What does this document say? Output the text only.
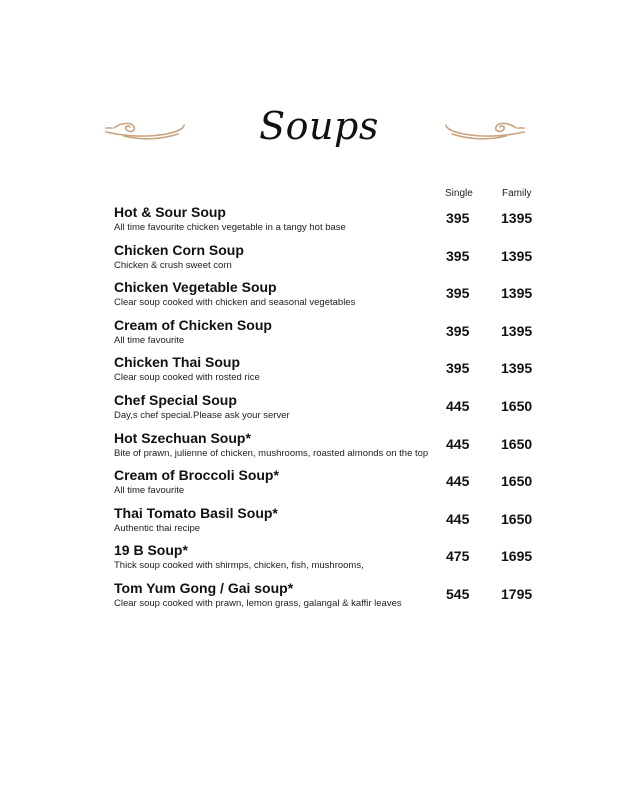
Soups
Single	Family
Hot & Sour Soup
All time favourite chicken vegetable in a tangy hot base
395 1395
Chicken Corn Soup
Chicken & crush sweet corn
395 1395
Chicken Vegetable Soup
Clear soup cooked with chicken and seasonal vegetables
395 1395
Cream of Chicken Soup
All time favourite
395 1395
Chicken Thai Soup
Clear soup cooked with rosted rice
395 1395
Chef Special Soup
Day,s chef special.Please ask your server
445 1650
Hot Szechuan Soup*
Bite of prawn, julienne of chicken, mushrooms, roasted almonds on the top
445 1650
Cream of Broccoli Soup*
All time favourite
445 1650
Thai Tomato Basil Soup*
Authentic thai recipe
445 1650
19 B Soup*
Thick soup cooked with shirmps, chicken, fish, mushrooms,
475 1695
Tom Yum Gong / Gai soup*
Clear soup cooked with prawn, lemon grass, galangal & kaffir leaves
545 1795
